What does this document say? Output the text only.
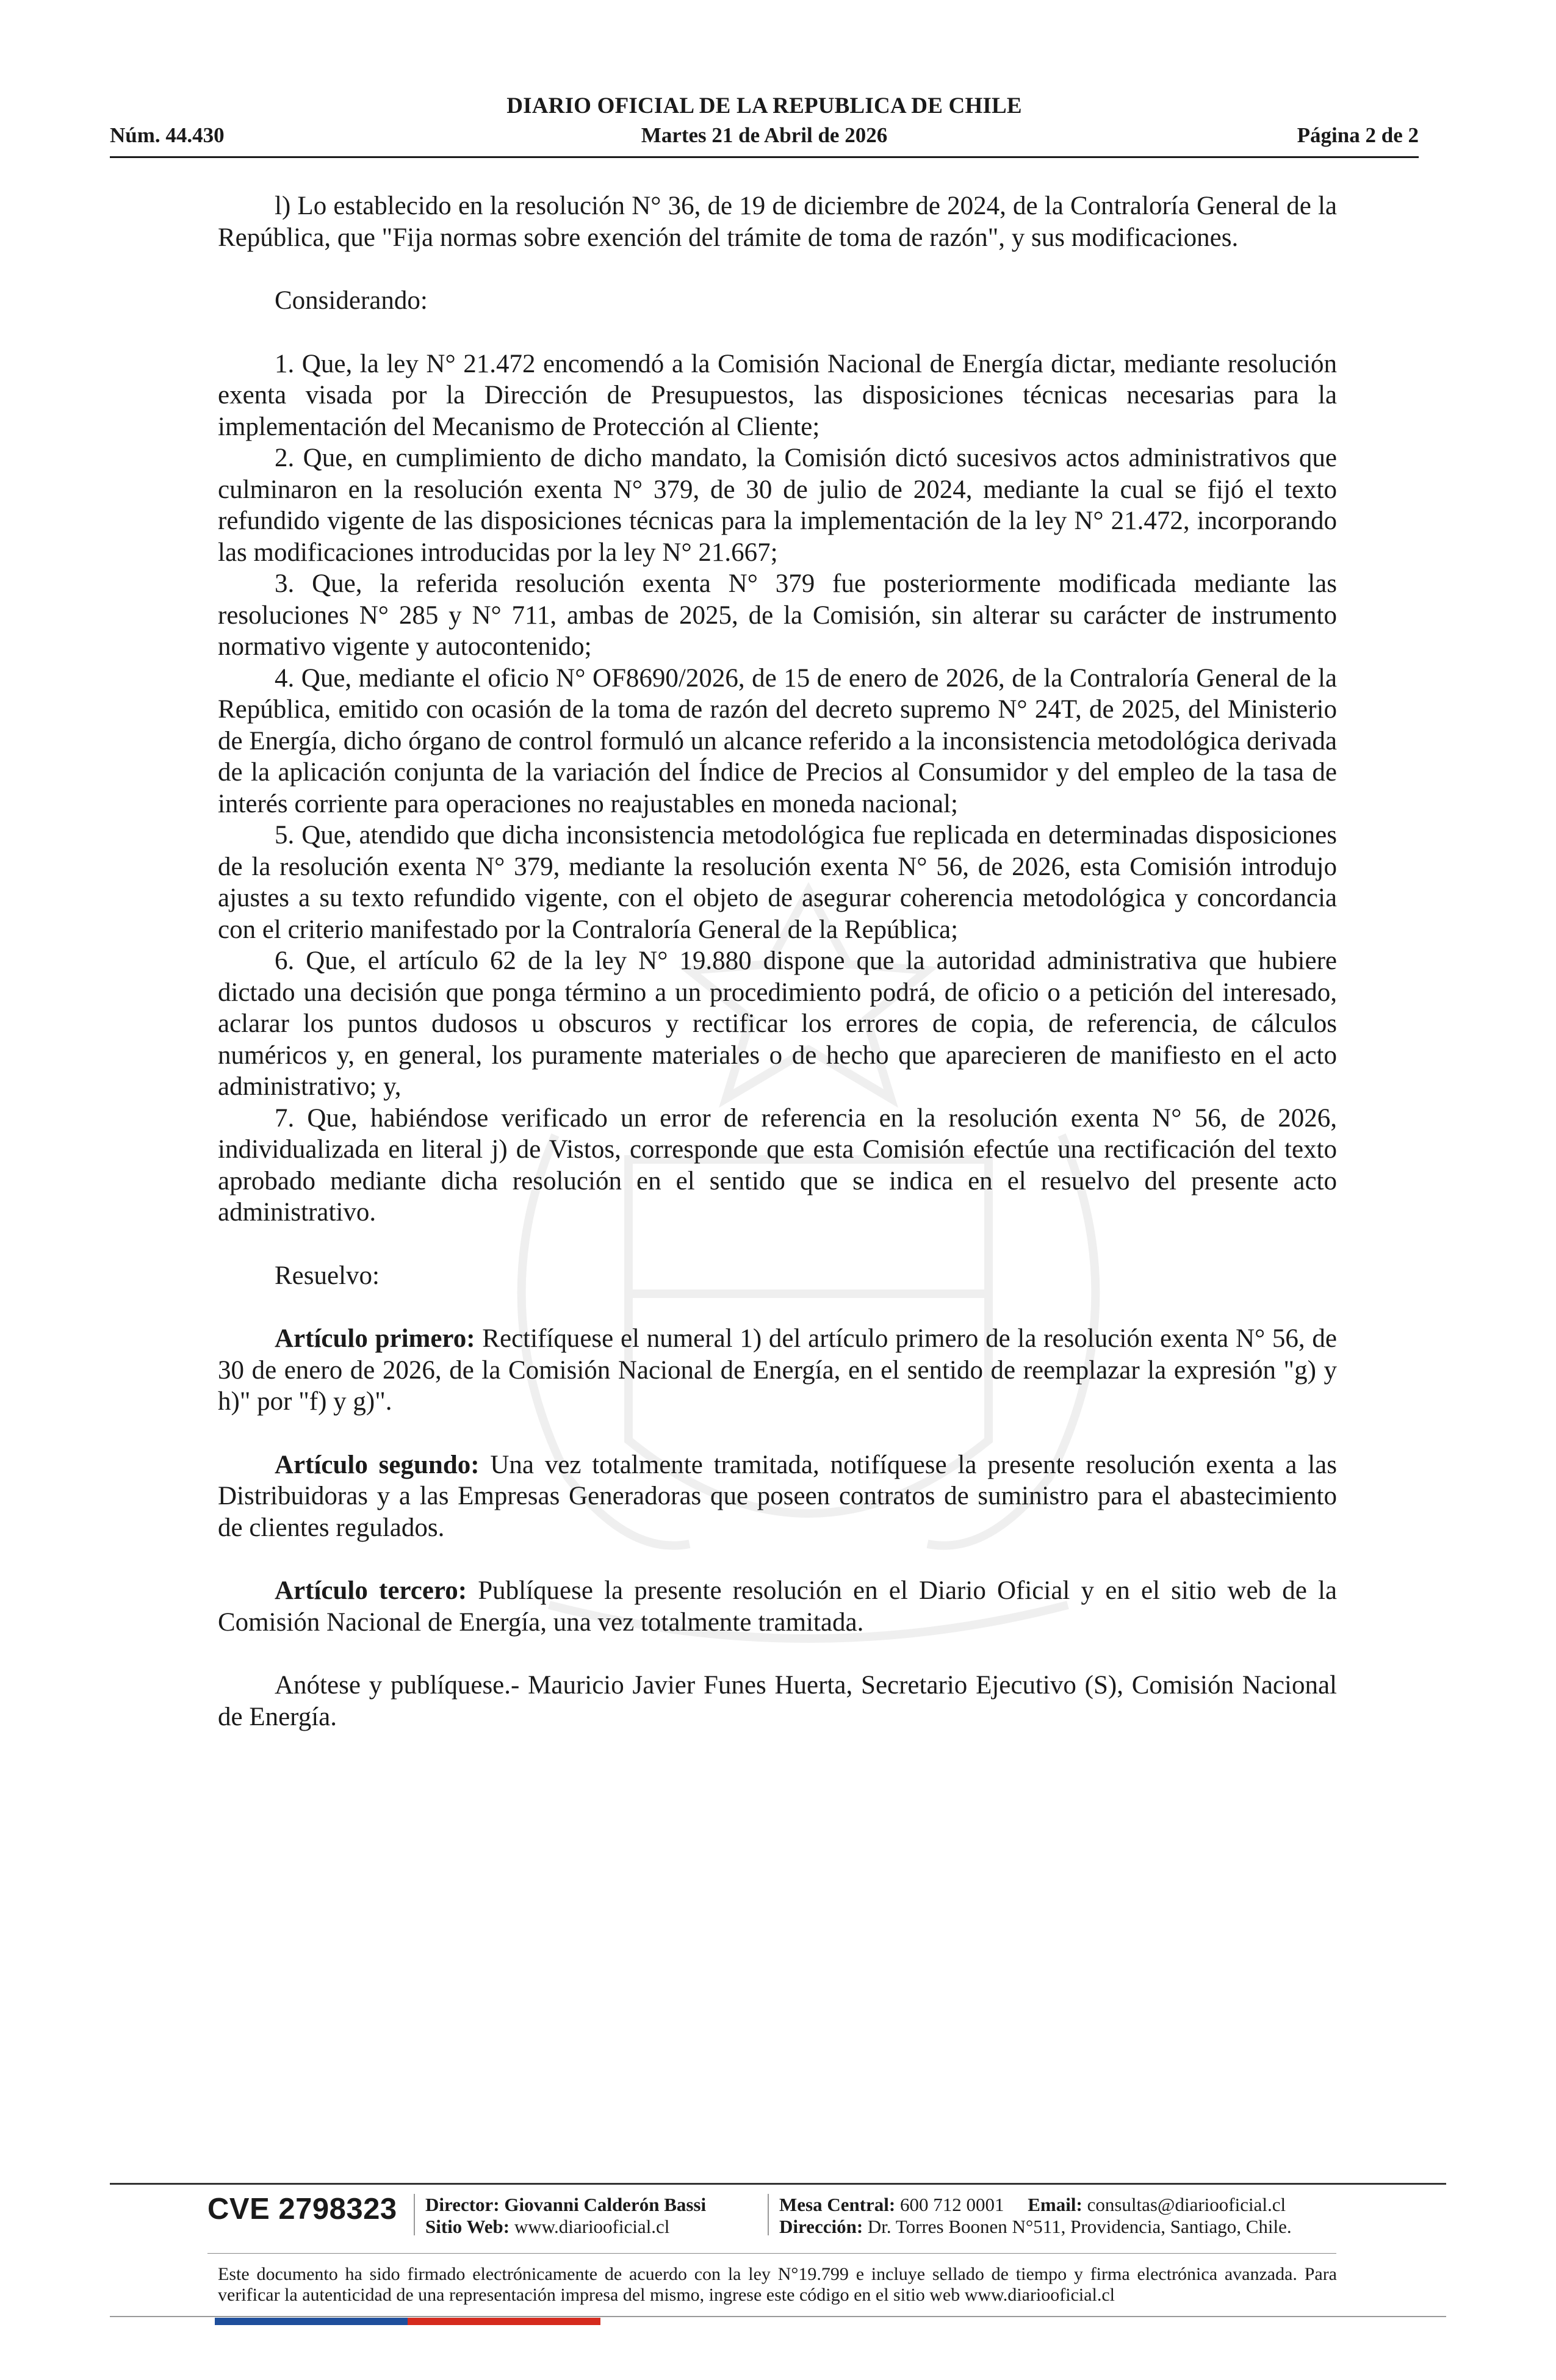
DIARIO OFICIAL DE LA REPUBLICA DE CHILE
Núm. 44.430	Martes 21 de Abril de 2026	Página 2 de 2

l) Lo establecido en la resolución N° 36, de 19 de diciembre de 2024, de la Contraloría General de la República, que "Fija normas sobre exención del trámite de toma de razón", y sus modificaciones.

Considerando:

1. Que, la ley N° 21.472 encomendó a la Comisión Nacional de Energía dictar, mediante resolución exenta visada por la Dirección de Presupuestos, las disposiciones técnicas necesarias para la implementación del Mecanismo de Protección al Cliente;

2. Que, en cumplimiento de dicho mandato, la Comisión dictó sucesivos actos administrativos que culminaron en la resolución exenta N° 379, de 30 de julio de 2024, mediante la cual se fijó el texto refundido vigente de las disposiciones técnicas para la implementación de la ley N° 21.472, incorporando las modificaciones introducidas por la ley N° 21.667;

3. Que, la referida resolución exenta N° 379 fue posteriormente modificada mediante las resoluciones N° 285 y N° 711, ambas de 2025, de la Comisión, sin alterar su carácter de instrumento normativo vigente y autocontenido;

4. Que, mediante el oficio N° OF8690/2026, de 15 de enero de 2026, de la Contraloría General de la República, emitido con ocasión de la toma de razón del decreto supremo N° 24T, de 2025, del Ministerio de Energía, dicho órgano de control formuló un alcance referido a la inconsistencia metodológica derivada de la aplicación conjunta de la variación del Índice de Precios al Consumidor y del empleo de la tasa de interés corriente para operaciones no reajustables en moneda nacional;

5. Que, atendido que dicha inconsistencia metodológica fue replicada en determinadas disposiciones de la resolución exenta N° 379, mediante la resolución exenta N° 56, de 2026, esta Comisión introdujo ajustes a su texto refundido vigente, con el objeto de asegurar coherencia metodológica y concordancia con el criterio manifestado por la Contraloría General de la República;

6. Que, el artículo 62 de la ley N° 19.880 dispone que la autoridad administrativa que hubiere dictado una decisión que ponga término a un procedimiento podrá, de oficio o a petición del interesado, aclarar los puntos dudosos u obscuros y rectificar los errores de copia, de referencia, de cálculos numéricos y, en general, los puramente materiales o de hecho que aparecieren de manifiesto en el acto administrativo; y,

7. Que, habiéndose verificado un error de referencia en la resolución exenta N° 56, de 2026, individualizada en literal j) de Vistos, corresponde que esta Comisión efectúe una rectificación del texto aprobado mediante dicha resolución en el sentido que se indica en el resuelvo del presente acto administrativo.

Resuelvo:

Artículo primero: Rectifíquese el numeral 1) del artículo primero de la resolución exenta N° 56, de 30 de enero de 2026, de la Comisión Nacional de Energía, en el sentido de reemplazar la expresión "g) y h)" por "f) y g)".

Artículo segundo: Una vez totalmente tramitada, notifíquese la presente resolución exenta a las Distribuidoras y a las Empresas Generadoras que poseen contratos de suministro para el abastecimiento de clientes regulados.

Artículo tercero: Publíquese la presente resolución en el Diario Oficial y en el sitio web de la Comisión Nacional de Energía, una vez totalmente tramitada.

Anótese y publíquese.- Mauricio Javier Funes Huerta, Secretario Ejecutivo (S), Comisión Nacional de Energía.

CVE 2798323 Director: Giovanni Calderón Bassi
Sitio Web: www.diariooficial.cl
Mesa Central: 600 712 0001 Email: consultas@diariooficial.cl
Dirección: Dr. Torres Boonen N°511, Providencia, Santiago, Chile.
Este documento ha sido firmado electrónicamente de acuerdo con la ley N°19.799 e incluye sellado de tiempo y firma electrónica avanzada. Para verificar la autenticidad de una representación impresa del mismo, ingrese este código en el sitio web www.diariooficial.cl
